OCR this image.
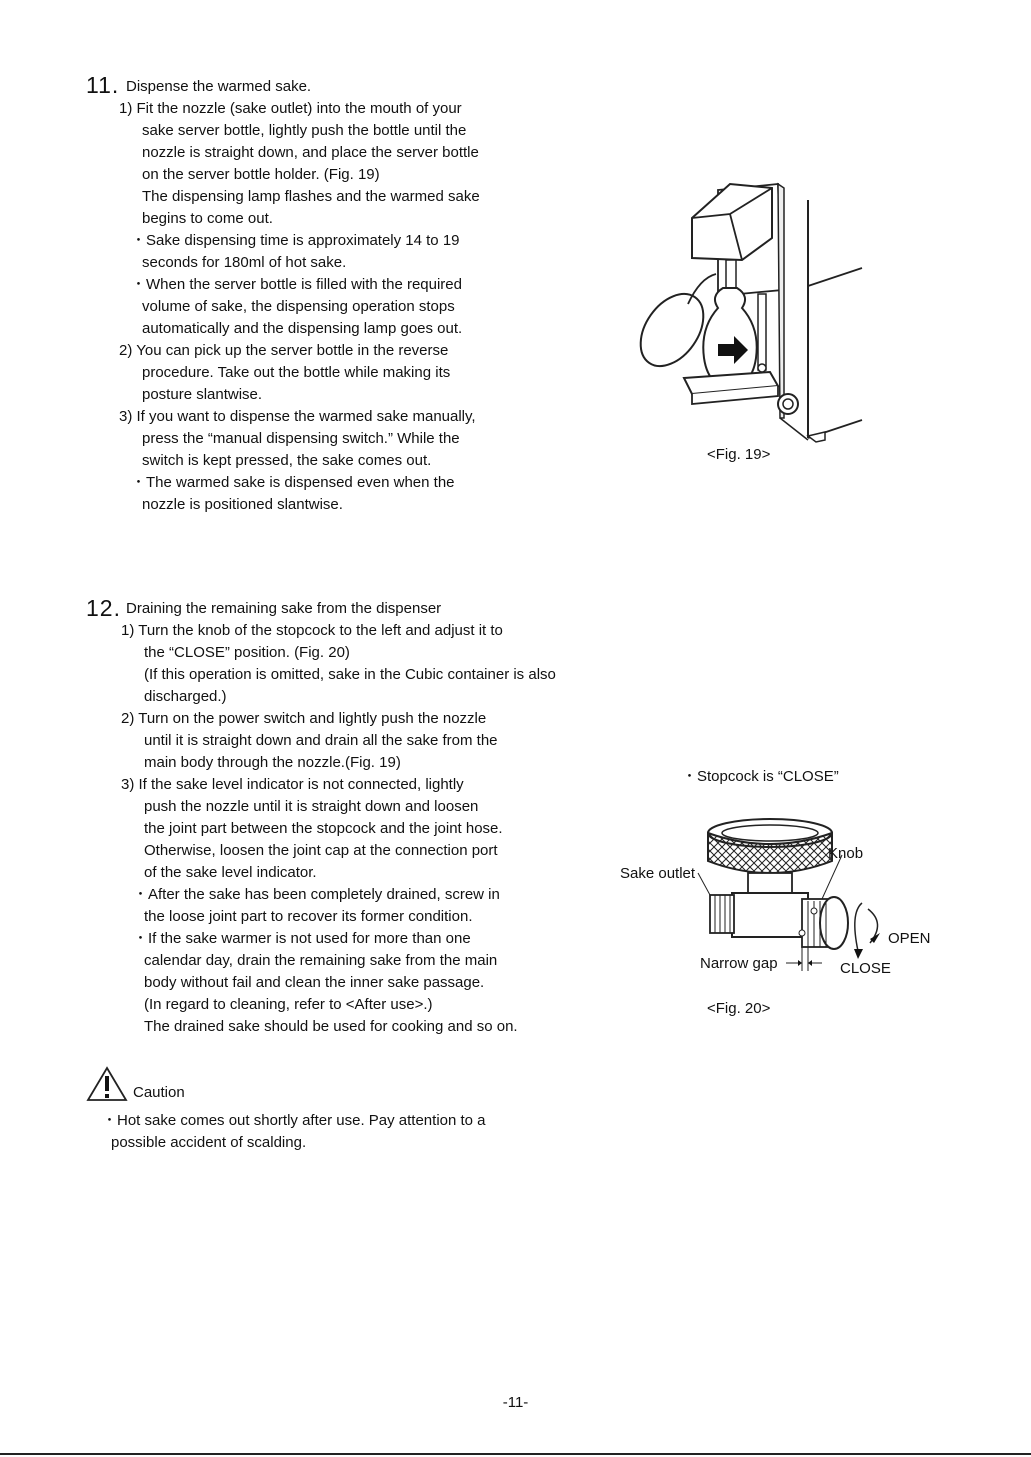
11. Dispense the warmed sake.
1) Fit the nozzle (sake outlet) into the mouth of your
sake server bottle, lightly push the bottle until the
nozzle is straight down, and place the server bottle
on the server bottle holder. (Fig. 19)
The dispensing lamp flashes and the warmed sake
begins to come out.
・Sake dispensing time is approximately 14 to 19
seconds for 180ml of hot sake.
・When the server bottle is filled with the required
volume of sake, the dispensing operation stops
automatically and the dispensing lamp goes out.
2) You can pick up the server bottle in the reverse
procedure. Take out the bottle while making its
posture slantwise.
3) If you want to dispense the warmed sake manually,
press the “manual dispensing switch.” While the
switch is kept pressed, the sake comes out.
・The warmed sake is dispensed even when the
nozzle is positioned slantwise.
<Fig. 19>
12. Draining the remaining sake from the dispenser
1) Turn the knob of the stopcock to the left and adjust it to
the “CLOSE” position. (Fig. 20)
(If this operation is omitted, sake in the Cubic container is also
discharged.)
2) Turn on the power switch and lightly push the nozzle
until it is straight down and drain all the sake from the
main body through the nozzle.(Fig. 19)
3) If the sake level indicator is not connected, lightly
push the nozzle until it is straight down and loosen
the joint part between the stopcock and the joint hose.
Otherwise, loosen the joint cap at the connection port
of the sake level indicator.
・After the sake has been completely drained, screw in
the loose joint part to recover its former condition.
・If the sake warmer is not used for more than one
calendar day, drain the remaining sake from the main
body without fail and clean the inner sake passage.
(In regard to cleaning, refer to <After use>.)
The drained sake should be used for cooking and so on.
・Stopcock is “CLOSE”
Knob
Sake outlet
OPEN
Narrow gap	CLOSE
<Fig. 20>
Caution
・Hot sake comes out shortly after use. Pay attention to a
possible accident of scalding.
-11-
